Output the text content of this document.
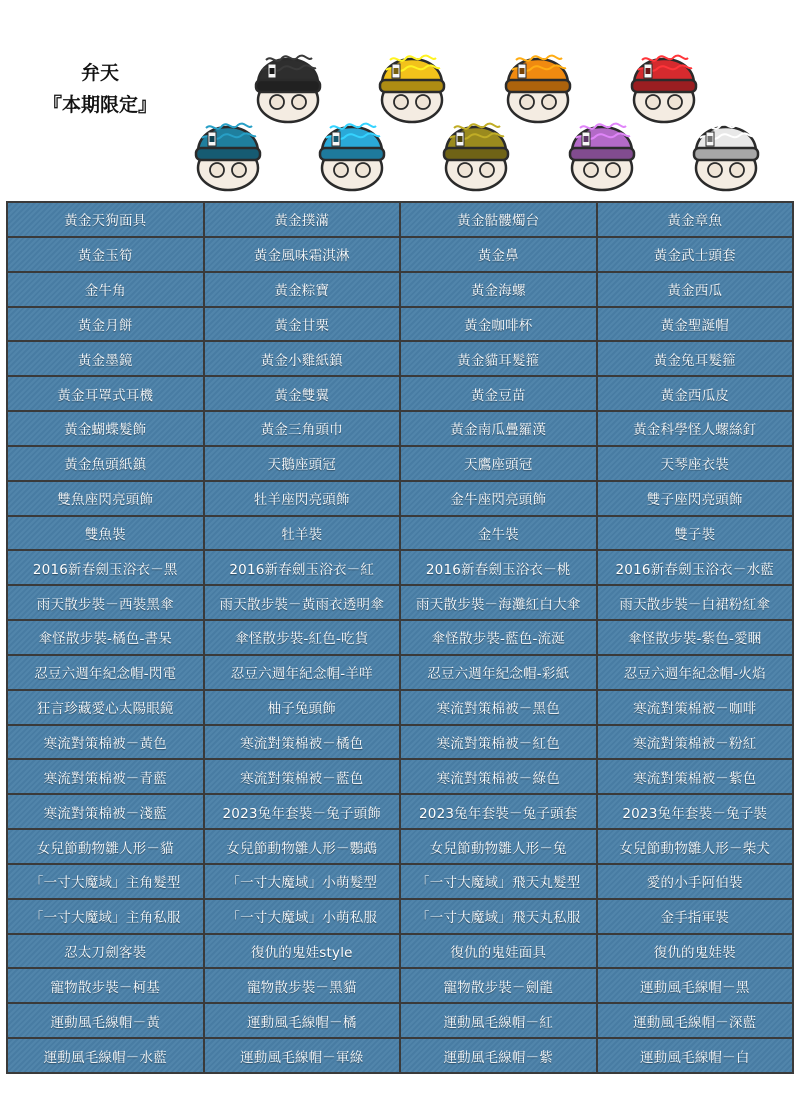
弁天
『本期限定』
黃金天狗面具	黃金撲滿	黃金骷髏燭台	黃金章魚
黃金玉筍	黃金風味霜淇淋	黃金鼻	黃金武士頭套
金牛角	黃金粽寶	黃金海螺	黃金西瓜
黃金月餅	黃金甘栗	黃金咖啡杯	黃金聖誕帽
黃金墨鏡	黃金小雞紙鎮	黃金貓耳髮箍	黃金兔耳髮箍
黃金耳罩式耳機	黃金雙翼	黃金豆苗	黃金西瓜皮
黃金蝴蝶髮飾	黃金三角頭巾	黃金南瓜疊羅漢	黃金科學怪人螺絲釘
黃金魚頭紙鎮	天鵝座頭冠	天鷹座頭冠	天琴座衣裝
雙魚座閃亮頭飾	牡羊座閃亮頭飾	金牛座閃亮頭飾	雙子座閃亮頭飾
雙魚裝	牡羊裝	金牛裝	雙子裝
2016新春劍玉浴衣－黑	2016新春劍玉浴衣－紅	2016新春劍玉浴衣－桃	2016新春劍玉浴衣－水藍
雨天散步裝－西裝黑傘	雨天散步裝－黃雨衣透明傘	雨天散步裝－海灘紅白大傘	雨天散步裝－白裙粉紅傘
傘怪散步裝-橘色-書呆	傘怪散步裝-紅色-吃貨	傘怪散步裝-藍色-流涎	傘怪散步裝-紫色-愛睏
忍豆六週年紀念帽-閃電	忍豆六週年紀念帽-羊咩	忍豆六週年紀念帽-彩紙	忍豆六週年紀念帽-火焰
狂言珍藏愛心太陽眼鏡	柚子兔頭飾	寒流對策棉被－黑色	寒流對策棉被－咖啡
寒流對策棉被－黃色	寒流對策棉被－橘色	寒流對策棉被－紅色	寒流對策棉被－粉紅
寒流對策棉被－青藍	寒流對策棉被－藍色	寒流對策棉被－綠色	寒流對策棉被－紫色
寒流對策棉被－淺藍	2023兔年套裝－兔子頭飾	2023兔年套裝－兔子頭套	2023兔年套裝－兔子裝
女兒節動物雛人形－貓	女兒節動物雛人形－鸚鵡	女兒節動物雛人形－兔	女兒節動物雛人形－柴犬
「一寸大魔域」主角髮型	「一寸大魔域」小萌髮型	「一寸大魔域」飛天丸髮型	愛的小手阿伯裝
「一寸大魔域」主角私服	「一寸大魔域」小萌私服	「一寸大魔域」飛天丸私服	金手指軍裝
忍太刀劍客裝	復仇的鬼娃style	復仇的鬼娃面具	復仇的鬼娃裝
寵物散步裝－柯基	寵物散步裝－黑貓	寵物散步裝－劍龍	運動風毛線帽－黑
運動風毛線帽－黃	運動風毛線帽－橘	運動風毛線帽－紅	運動風毛線帽－深藍
運動風毛線帽－水藍	運動風毛線帽－軍綠	運動風毛線帽－紫	運動風毛線帽－白
